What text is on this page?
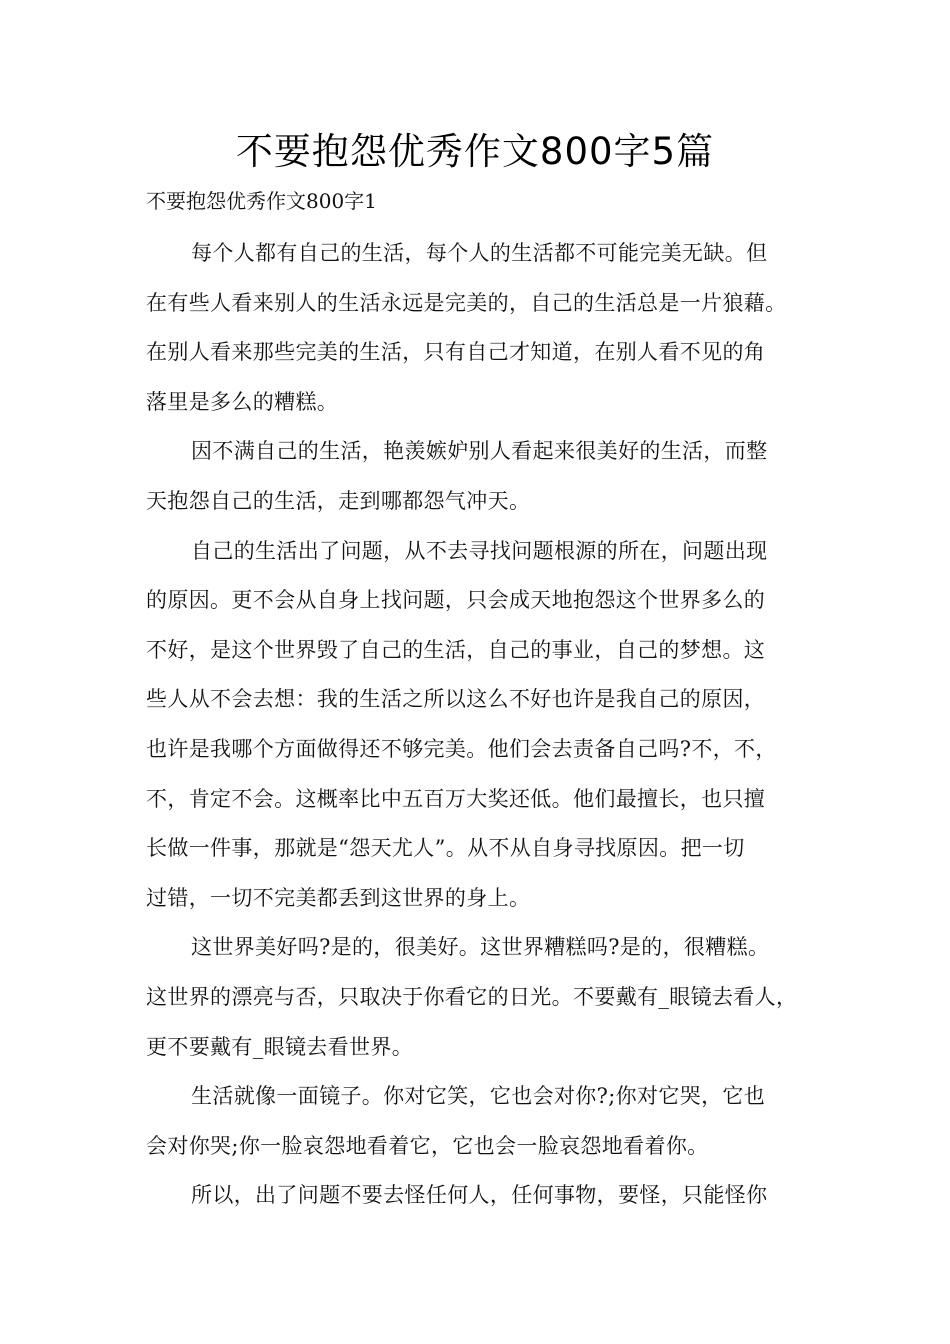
不要抱怨优秀作文800字5篇

不要抱怨优秀作文800字1

每个人都有自己的生活，每个人的生活都不可能完美无缺。但
在有些人看来别人的生活永远是完美的，自己的生活总是一片狼藉。
在别人看来那些完美的生活，只有自己才知道，在别人看不见的角
落里是多么的糟糕。

因不满自己的生活，艳羡嫉妒别人看起来很美好的生活，而整
天抱怨自己的生活，走到哪都怨气冲天。

自己的生活出了问题，从不去寻找问题根源的所在，问题出现
的原因。更不会从自身上找问题，只会成天地抱怨这个世界多么的
不好，是这个世界毁了自己的生活，自己的事业，自己的梦想。这
些人从不会去想：我的生活之所以这么不好也许是我自己的原因，
也许是我哪个方面做得还不够完美。他们会去责备自己吗?不，不，
不，肯定不会。这概率比中五百万大奖还低。他们最擅长，也只擅
长做一件事，那就是“怨天尤人”。从不从自身寻找原因。把一切
过错，一切不完美都丢到这世界的身上。

这世界美好吗?是的，很美好。这世界糟糕吗?是的，很糟糕。
这世界的漂亮与否，只取决于你看它的日光。不要戴有_眼镜去看人，
更不要戴有_眼镜去看世界。

生活就像一面镜子。你对它笑，它也会对你?;你对它哭，它也
会对你哭;你一脸哀怨地看着它，它也会一脸哀怨地看着你。

所以，出了问题不要去怪任何人，任何事物，要怪，只能怪你
